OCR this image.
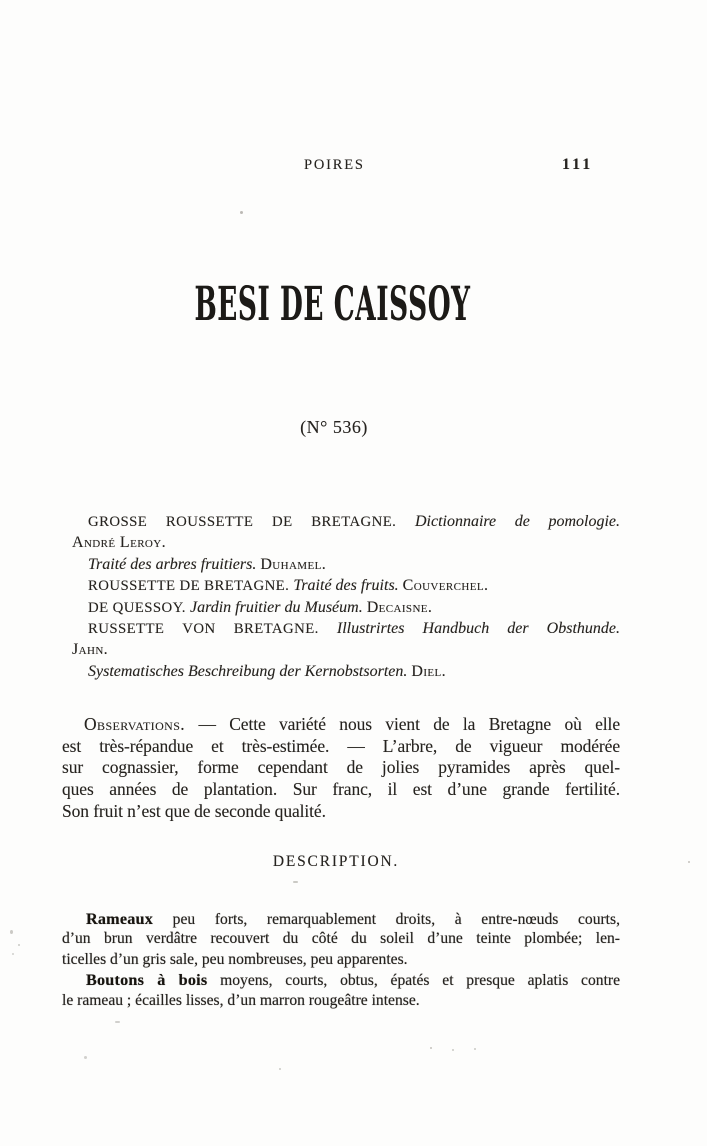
POIRES	111
BESI DE CAISSOY
(N° 536)
GROSSE ROUSSETTE DE BRETAGNE. Dictionnaire de pomologie.
André Leroy.
Traité des arbres fruitiers. Duhamel.
ROUSSETTE DE BRETAGNE. Traité des fruits. Couverchel.
DE QUESSOY. Jardin fruitier du Muséum. Decaisne.
RUSSETTE VON BRETAGNE. Illustrirtes Handbuch der Obsthunde.
Jahn.
Systematisches Beschreibung der Kernobstsorten. Diel.
Observations. — Cette variété nous vient de la Bretagne où elle
est très-répandue et très-estimée. — L’arbre, de vigueur modérée
sur cognassier, forme cependant de jolies pyramides après quel-
ques années de plantation. Sur franc, il est d’une grande fertilité.
Son fruit n’est que de seconde qualité.
DESCRIPTION.
Rameaux peu forts, remarquablement droits, à entre-nœuds courts,
d’un brun verdâtre recouvert du côté du soleil d’une teinte plombée; len-
ticelles d’un gris sale, peu nombreuses, peu apparentes.
Boutons à bois moyens, courts, obtus, épatés et presque aplatis contre
le rameau ; écailles lisses, d’un marron rougeâtre intense.
